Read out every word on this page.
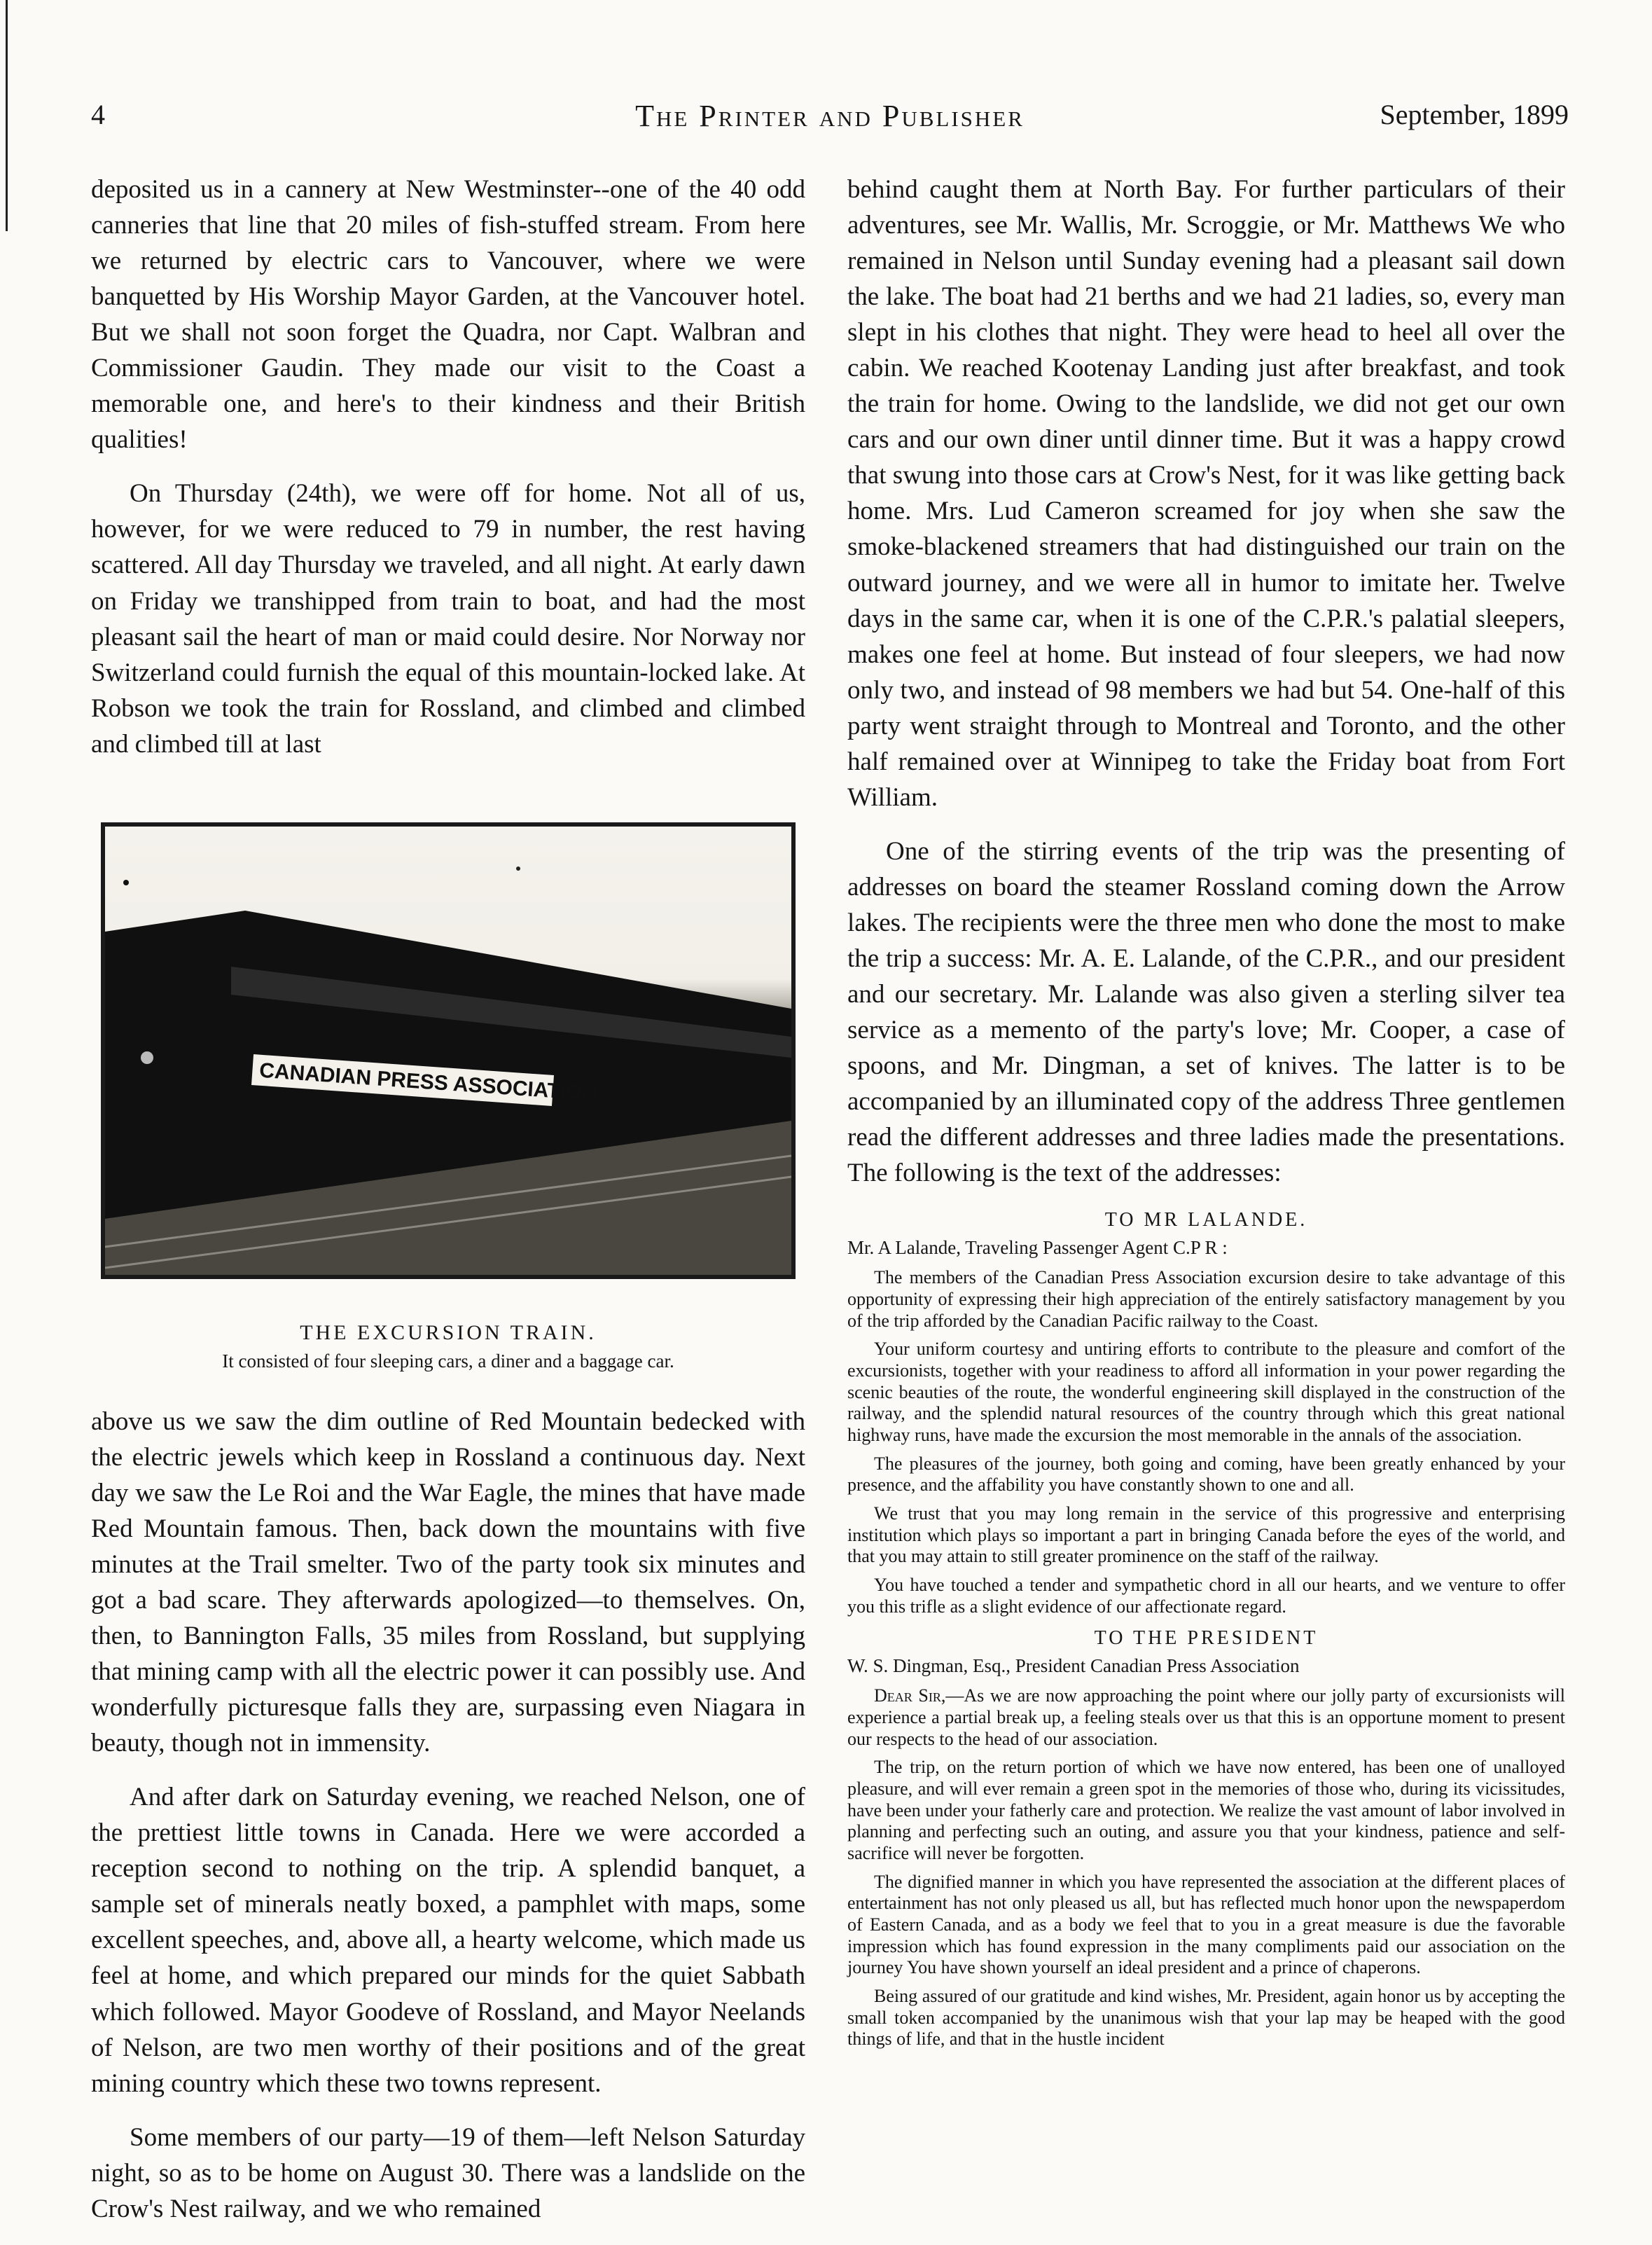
4	The Printer and Publisher	September, 1899

deposited us in a cannery at New Westminster--one of the 40 odd canneries that line that 20 miles of fish-stuffed stream. From here we returned by electric cars to Vancouver, where we were banquetted by His Worship Mayor Garden, at the Vancouver hotel. But we shall not soon forget the Quadra, nor Capt. Walbran and Commissioner Gaudin. They made our visit to the Coast a memorable one, and here's to their kindness and their British qualities!

On Thursday (24th), we were off for home. Not all of us, however, for we were reduced to 79 in number, the rest having scattered. All day Thursday we traveled, and all night. At early dawn on Friday we transhipped from train to boat, and had the most pleasant sail the heart of man or maid could desire. Nor Norway nor Switzerland could furnish the equal of this mountain-locked lake. At Robson we took the train for Rossland, and climbed and climbed and climbed till at last

CANADIAN PRESS ASSOCIATION
THE EXCURSION TRAIN.
It consisted of four sleeping cars, a diner and a baggage car.

above us we saw the dim outline of Red Mountain bedecked with the electric jewels which keep in Rossland a continuous day. Next day we saw the Le Roi and the War Eagle, the mines that have made Red Mountain famous. Then, back down the mountains with five minutes at the Trail smelter. Two of the party took six minutes and got a bad scare. They afterwards apologized—to themselves. On, then, to Bannington Falls, 35 miles from Rossland, but supplying that mining camp with all the electric power it can possibly use. And wonderfully picturesque falls they are, surpassing even Niagara in beauty, though not in immensity.

And after dark on Saturday evening, we reached Nelson, one of the prettiest little towns in Canada. Here we were accorded a reception second to nothing on the trip. A splendid banquet, a sample set of minerals neatly boxed, a pamphlet with maps, some excellent speeches, and, above all, a hearty welcome, which made us feel at home, and which prepared our minds for the quiet Sabbath which followed. Mayor Goodeve of Rossland, and Mayor Neelands of Nelson, are two men worthy of their positions and of the great mining country which these two towns represent.

Some members of our party—19 of them—left Nelson Saturday night, so as to be home on August 30. There was a landslide on the Crow's Nest railway, and we who remained

behind caught them at North Bay. For further particulars of their adventures, see Mr. Wallis, Mr. Scroggie, or Mr. Matthews We who remained in Nelson until Sunday evening had a pleasant sail down the lake. The boat had 21 berths and we had 21 ladies, so, every man slept in his clothes that night. They were head to heel all over the cabin. We reached Kootenay Landing just after breakfast, and took the train for home. Owing to the landslide, we did not get our own cars and our own diner until dinner time. But it was a happy crowd that swung into those cars at Crow's Nest, for it was like getting back home. Mrs. Lud Cameron screamed for joy when she saw the smoke-blackened streamers that had distinguished our train on the outward journey, and we were all in humor to imitate her. Twelve days in the same car, when it is one of the C.P.R.'s palatial sleepers, makes one feel at home. But instead of four sleepers, we had now only two, and instead of 98 members we had but 54. One-half of this party went straight through to Montreal and Toronto, and the other half remained over at Winnipeg to take the Friday boat from Fort William.

One of the stirring events of the trip was the presenting of addresses on board the steamer Rossland coming down the Arrow lakes. The recipients were the three men who done the most to make the trip a success: Mr. A. E. Lalande, of the C.P.R., and our president and our secretary. Mr. Lalande was also given a sterling silver tea service as a memento of the party's love; Mr. Cooper, a case of spoons, and Mr. Dingman, a set of knives. The latter is to be accompanied by an illuminated copy of the address Three gentlemen read the different addresses and three ladies made the presentations. The following is the text of the addresses:

TO MR LALANDE.
Mr. A Lalande, Traveling Passenger Agent C.P R :

The members of the Canadian Press Association excursion desire to take advantage of this opportunity of expressing their high appreciation of the entirely satisfactory management by you of the trip afforded by the Canadian Pacific railway to the Coast.

Your uniform courtesy and untiring efforts to contribute to the pleasure and comfort of the excursionists, together with your readiness to afford all information in your power regarding the scenic beauties of the route, the wonderful engineering skill displayed in the construction of the railway, and the splendid natural resources of the country through which this great national highway runs, have made the excursion the most memorable in the annals of the association.

The pleasures of the journey, both going and coming, have been greatly enhanced by your presence, and the affability you have constantly shown to one and all.

We trust that you may long remain in the service of this progressive and enterprising institution which plays so important a part in bringing Canada before the eyes of the world, and that you may attain to still greater prominence on the staff of the railway.

You have touched a tender and sympathetic chord in all our hearts, and we venture to offer you this trifle as a slight evidence of our affectionate regard.

TO THE PRESIDENT
W. S. Dingman, Esq., President Canadian Press Association

Dear Sir,—As we are now approaching the point where our jolly party of excursionists will experience a partial break up, a feeling steals over us that this is an opportune moment to present our respects to the head of our association.

The trip, on the return portion of which we have now entered, has been one of unalloyed pleasure, and will ever remain a green spot in the memories of those who, during its vicissitudes, have been under your fatherly care and protection. We realize the vast amount of labor involved in planning and perfecting such an outing, and assure you that your kindness, patience and self-sacrifice will never be forgotten.

The dignified manner in which you have represented the association at the different places of entertainment has not only pleased us all, but has reflected much honor upon the newspaperdom of Eastern Canada, and as a body we feel that to you in a great measure is due the favorable impression which has found expression in the many compliments paid our association on the journey You have shown yourself an ideal president and a prince of chaperons.

Being assured of our gratitude and kind wishes, Mr. President, again honor us by accepting the small token accompanied by the unanimous wish that your lap may be heaped with the good things of life, and that in the hustle incident
